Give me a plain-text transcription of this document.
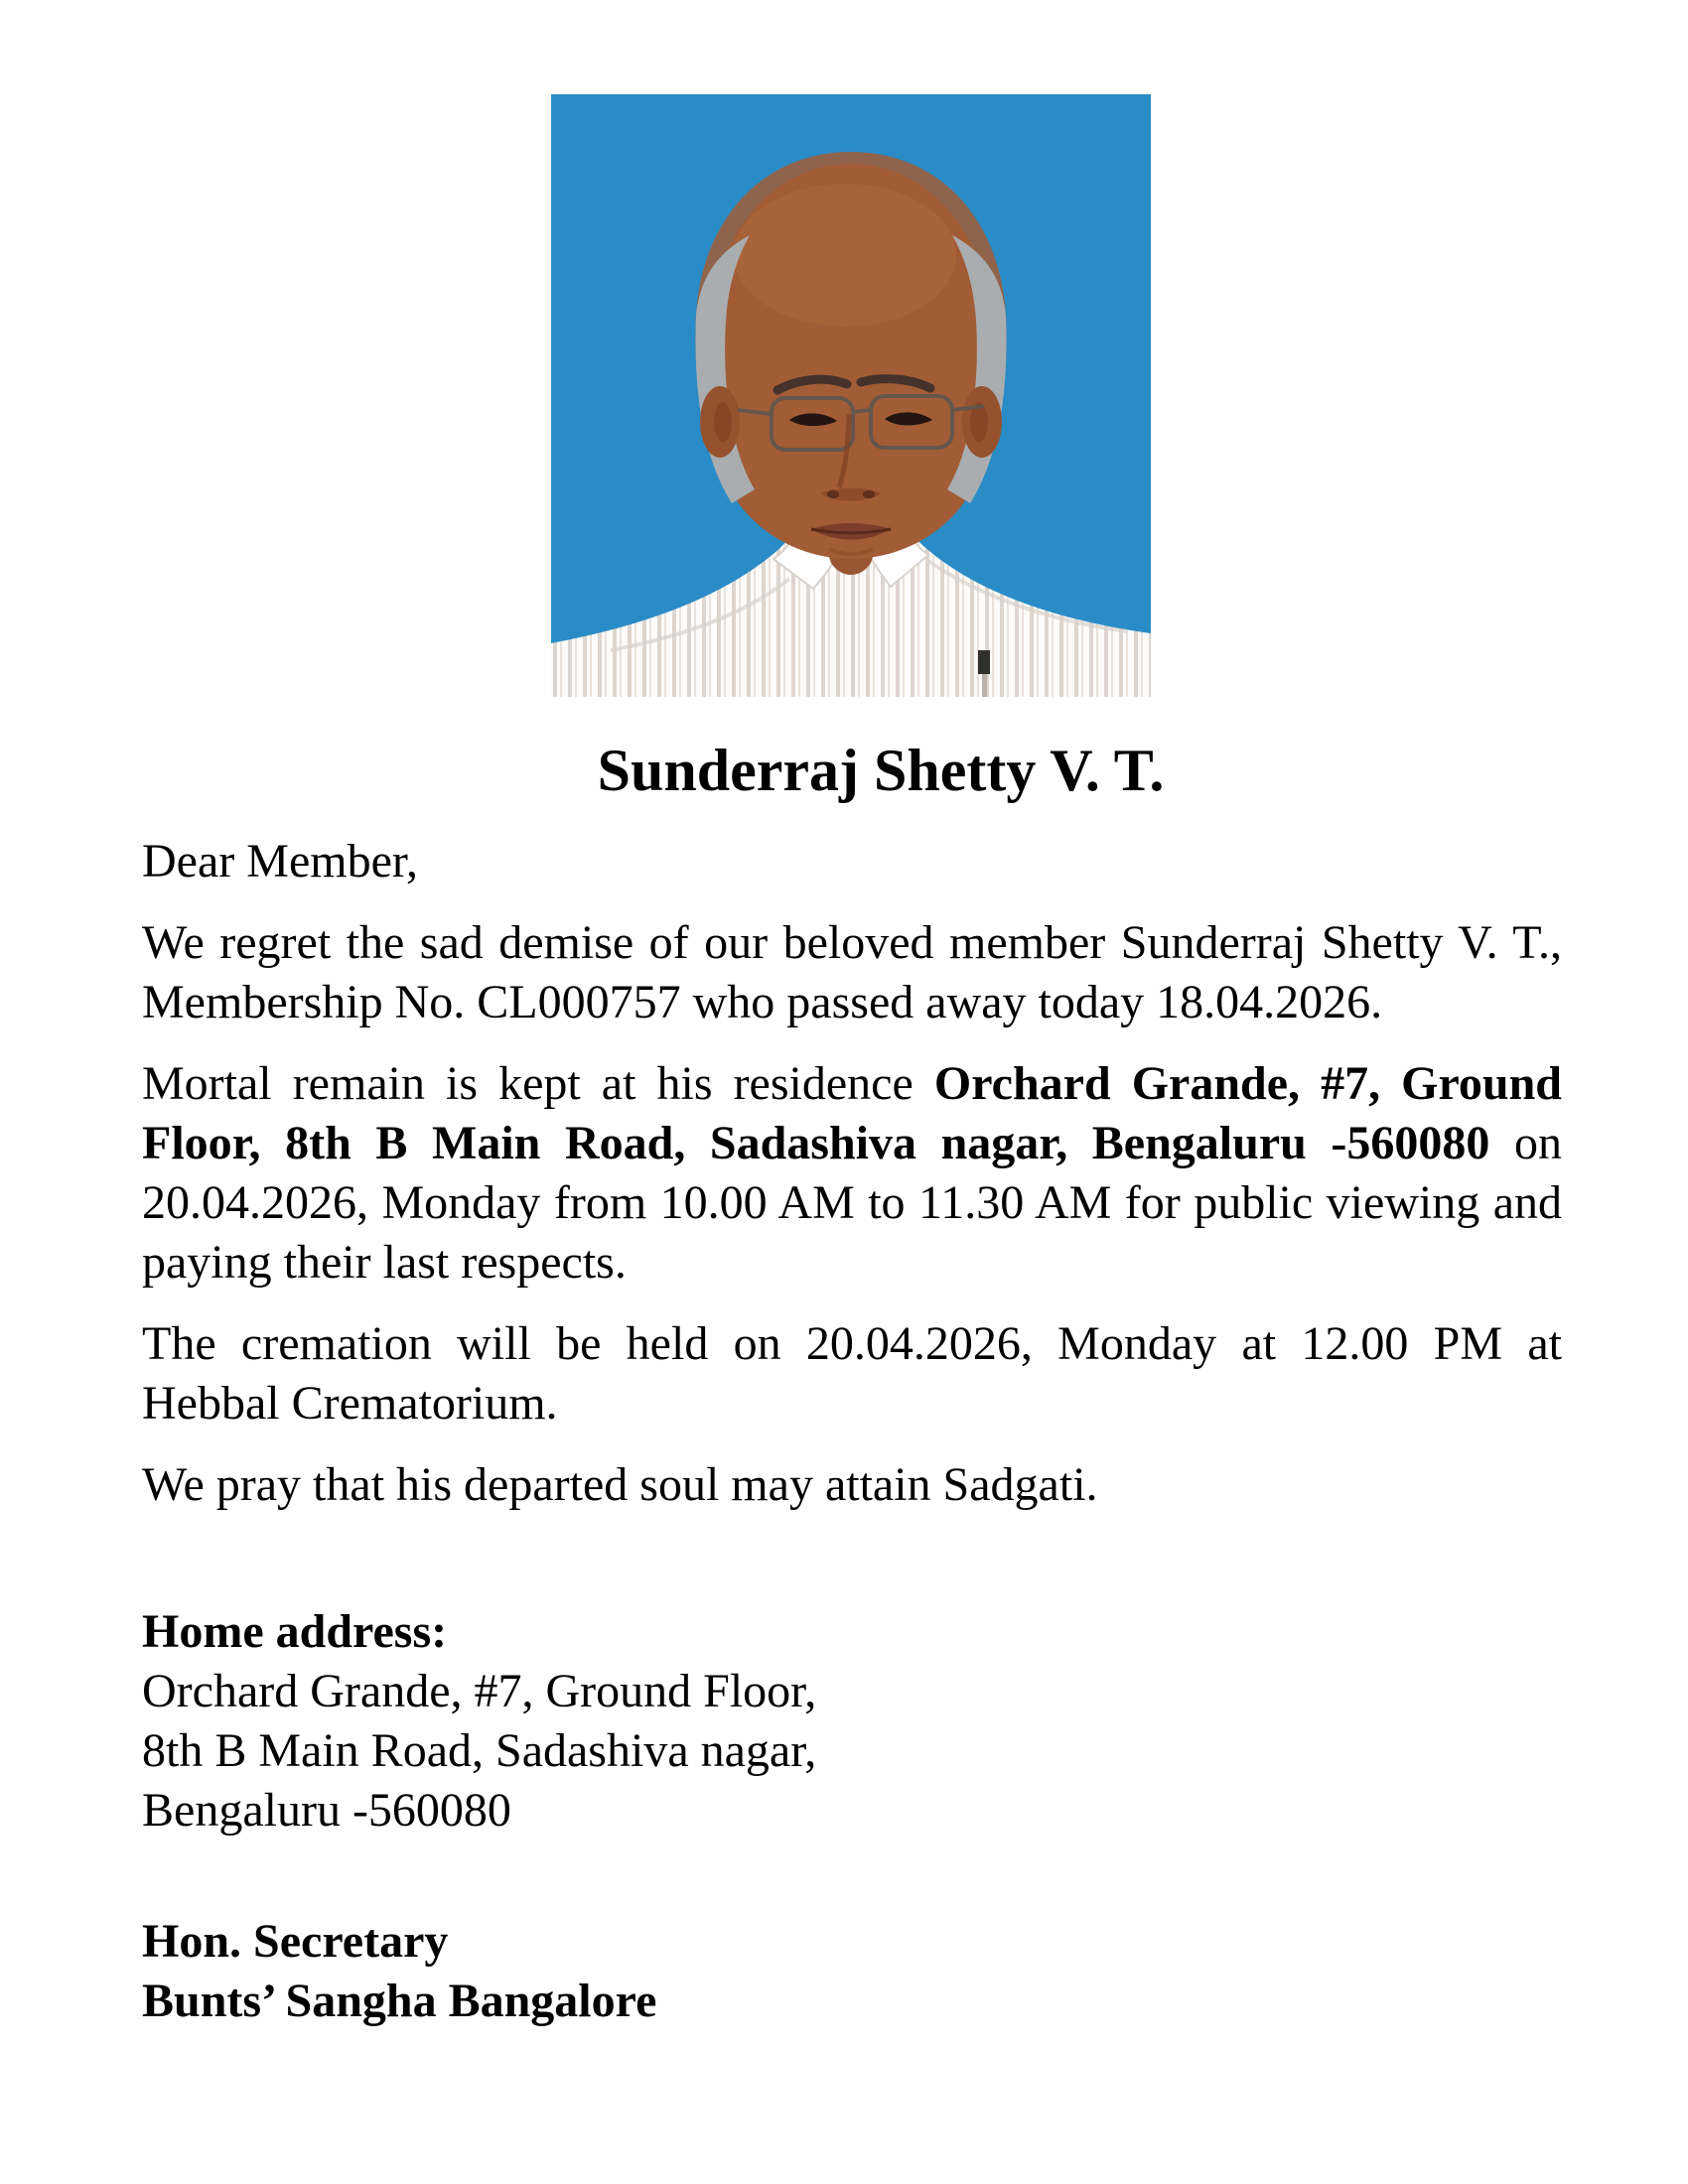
Sunderraj Shetty V. T.
Dear Member,

We regret the sad demise of our beloved member Sunderraj Shetty V. T., Membership No. CL000757 who passed away today 18.04.2026.

Mortal remain is kept at his residence Orchard Grande, #7, Ground Floor, 8th B Main Road, Sadashiva nagar, Bengaluru -560080 on 20.04.2026, Monday from 10.00 AM to 11.30 AM for public viewing and paying their last respects.

The cremation will be held on 20.04.2026, Monday at 12.00 PM at Hebbal Crematorium.

We pray that his departed soul may attain Sadgati.

Home address:
Orchard Grande, #7, Ground Floor,
8th B Main Road, Sadashiva nagar,
Bengaluru -560080
Hon. Secretary
Bunts’ Sangha Bangalore
